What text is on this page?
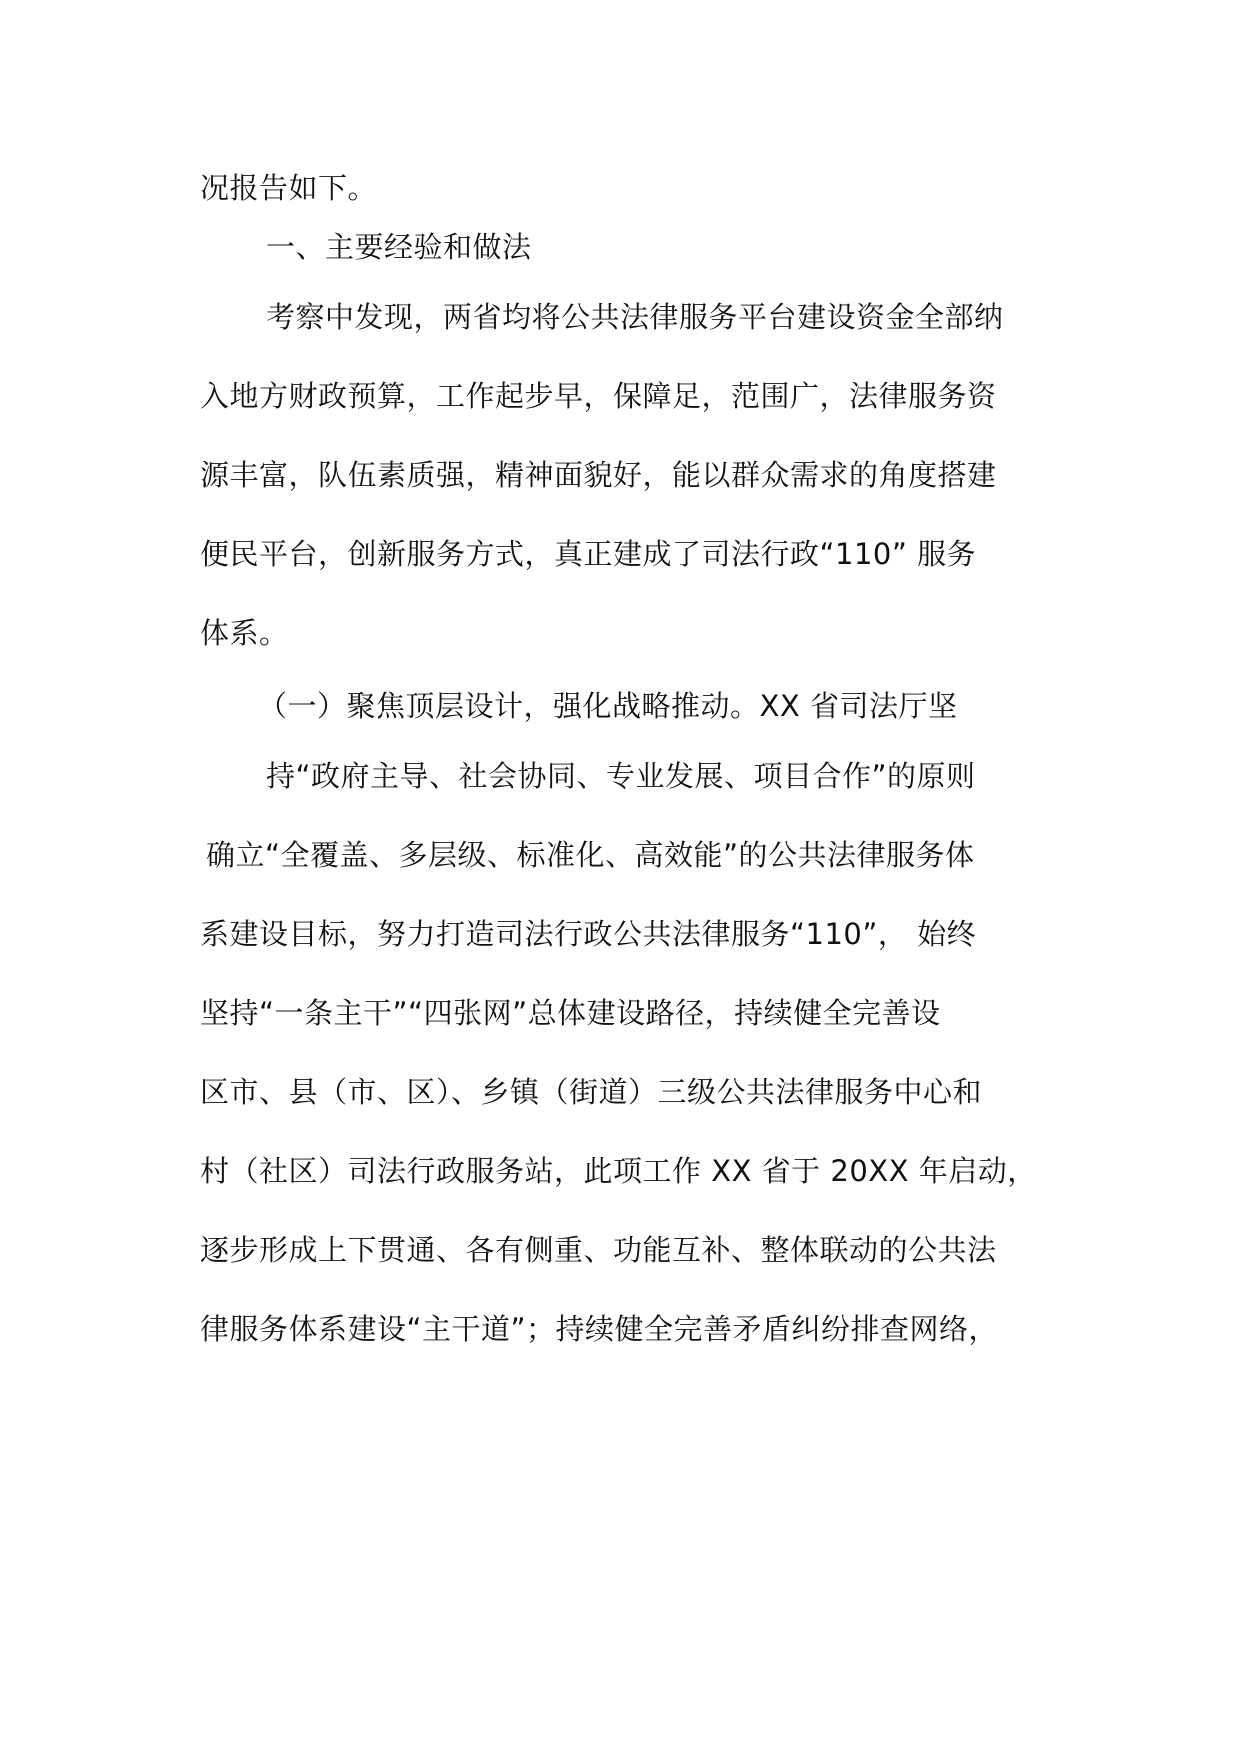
况报告如下。
一、主要经验和做法
考察中发现，两省均将公共法律服务平台建设资金全部纳
入地方财政预算，工作起步早，保障足，范围广，法律服务资
源丰富，队伍素质强，精神面貌好，能以群众需求的角度搭建
便民平台，创新服务方式，真正建成了司法行政“110” 服务
体系。
（一）聚焦顶层设计，强化战略推动。XX 省司法厅坚
持“政府主导、社会协同、专业发展、项目合作”的原则
确立“全覆盖、多层级、标准化、高效能”的公共法律服务体
系建设目标，努力打造司法行政公共法律服务“110”， 始终
坚持“一条主干”“四张网”总体建设路径，持续健全完善设
区市、县（市、区）、乡镇（街道）三级公共法律服务中心和
村（社区）司法行政服务站，此项工作 XX 省于 20XX 年启动，
逐步形成上下贯通、各有侧重、功能互补、整体联动的公共法
律服务体系建设“主干道”；持续健全完善矛盾纠纷排查网络，
